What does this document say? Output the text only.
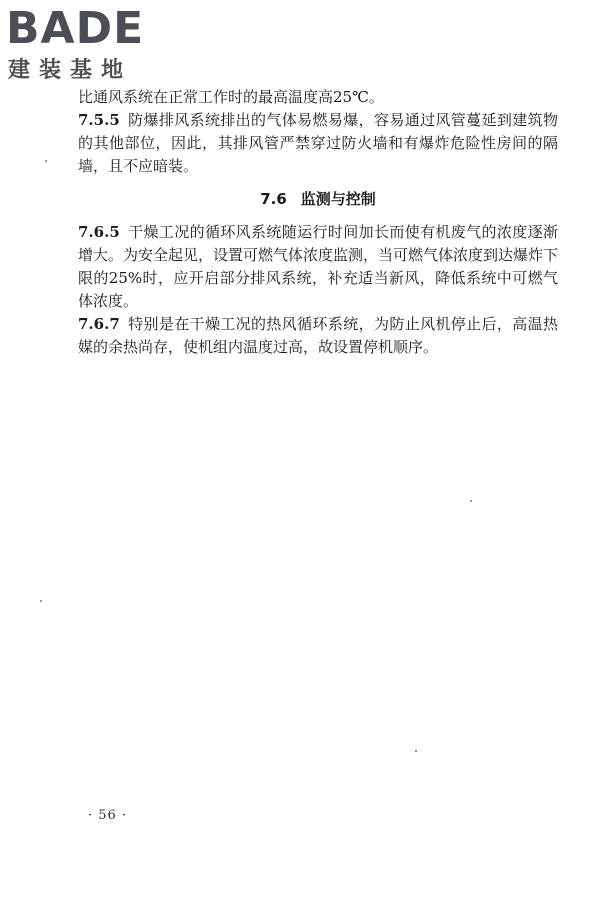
BADE
建装基地

比通风系统在正常工作时的最高温度高25℃。

7.5.5 防爆排风系统排出的气体易燃易爆，容易通过风管蔓延到建筑物的其他部位，因此，其排风管严禁穿过防火墙和有爆炸危险性房间的隔墙，且不应暗装。

7.6 监测与控制

7.6.5 干燥工况的循环风系统随运行时间加长而使有机废气的浓度逐渐增大。为安全起见，设置可燃气体浓度监测，当可燃气体浓度到达爆炸下限的25%时，应开启部分排风系统，补充适当新风，降低系统中可燃气体浓度。

7.6.7 特别是在干燥工况的热风循环系统，为防止风机停止后，高温热媒的余热尚存，使机组内温度过高，故设置停机顺序。

· 56 ·
